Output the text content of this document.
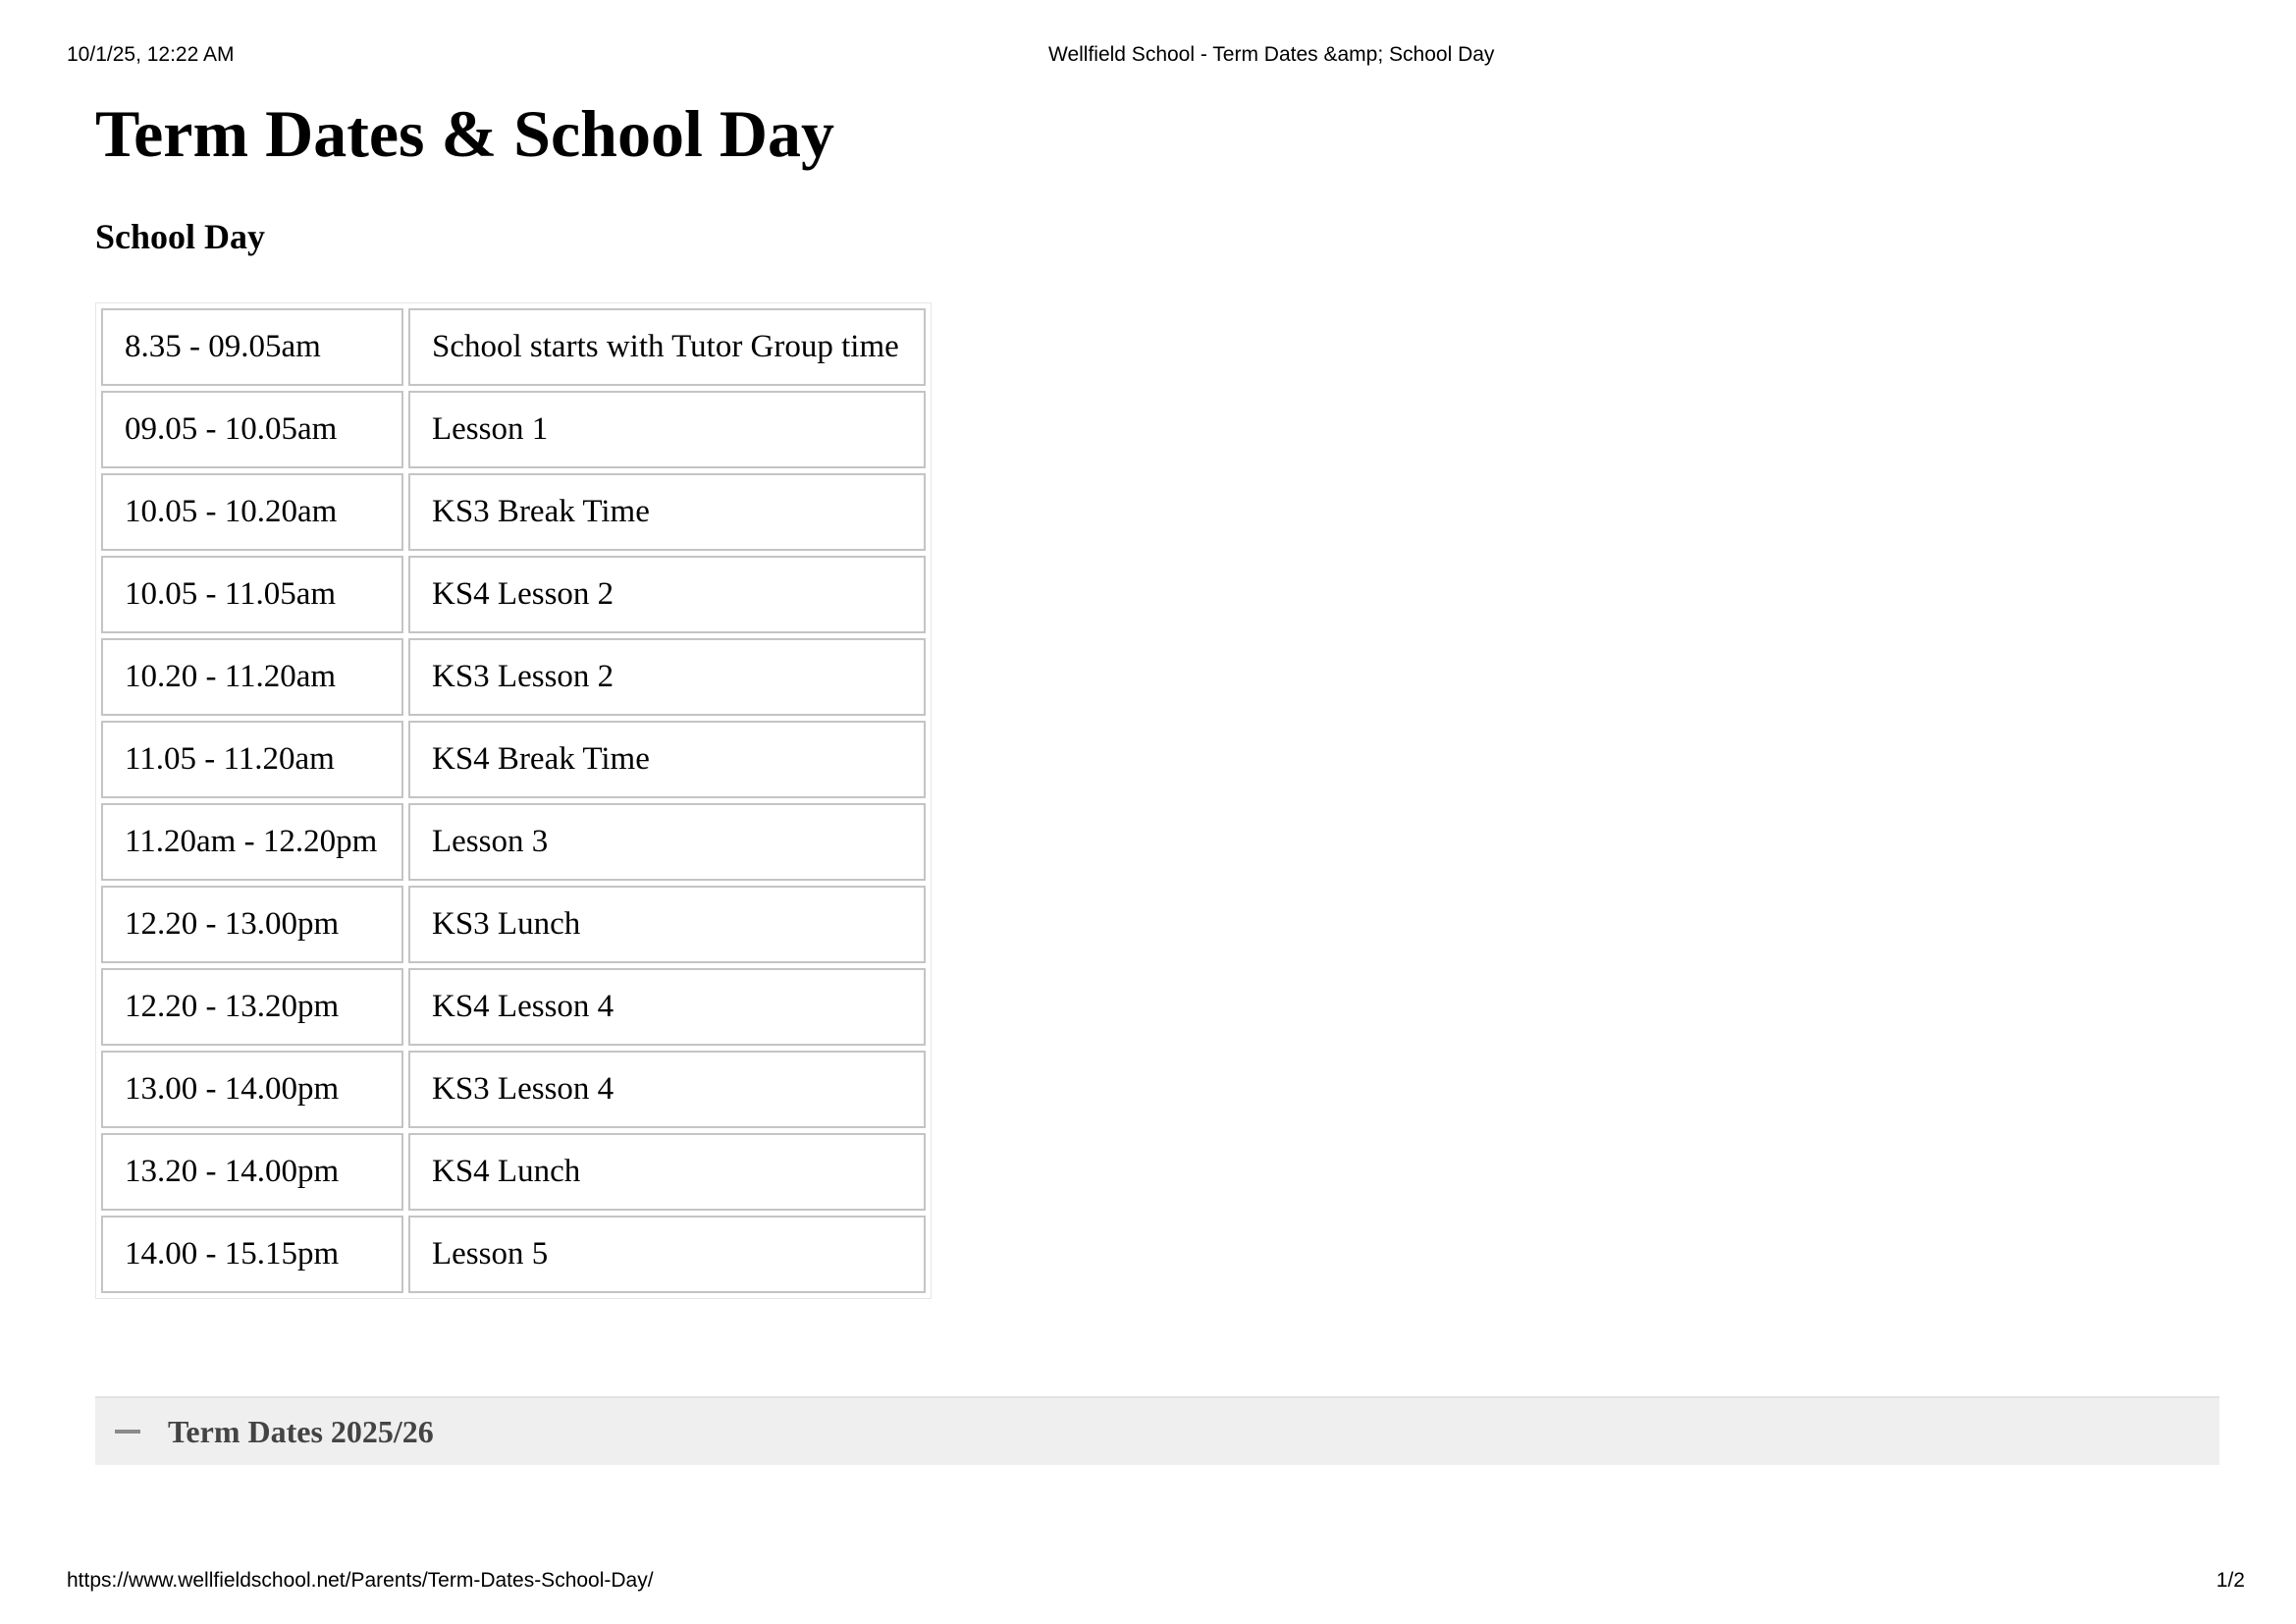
10/1/25, 12:22 AM	Wellfield School - Term Dates &amp; School Day
Term Dates & School Day
School Day
8.35 - 09.05am	School starts with Tutor Group time
09.05 - 10.05am	Lesson 1
10.05 - 10.20am	KS3 Break Time
10.05 - 11.05am	KS4 Lesson 2
10.20 - 11.20am	KS3 Lesson 2
11.05 - 11.20am	KS4 Break Time
11.20am - 12.20pm	Lesson 3
12.20 - 13.00pm	KS3 Lunch
12.20 - 13.20pm	KS4 Lesson 4
13.00 - 14.00pm	KS3 Lesson 4
13.20 - 14.00pm	KS4 Lunch
14.00 - 15.15pm	Lesson 5
Term Dates 2025/26
https://www.wellfieldschool.net/Parents/Term-Dates-School-Day/	1/2
